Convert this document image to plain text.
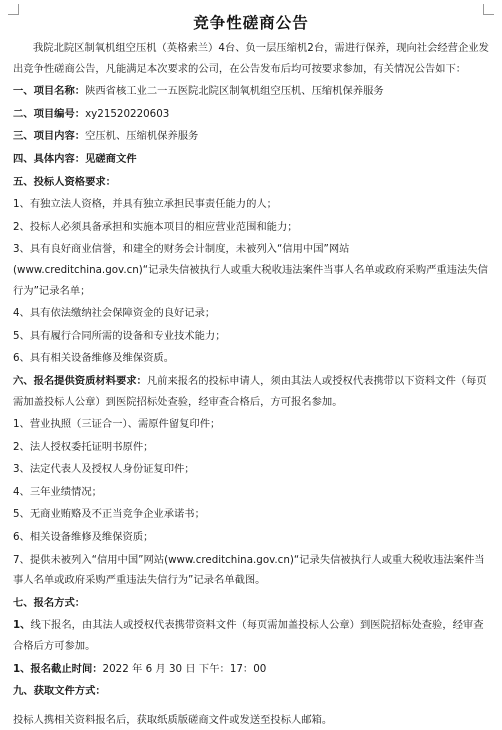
竞争性磋商公告

我院北院区制氧机组空压机（英格索兰）4台、负一层压缩机2台，需进行保养，现向社会经营企业发出竞争性磋商公告，凡能满足本次要求的公司，在公告发布后均可按要求参加，有关情况公告如下：

一、项目名称：陕西省核工业二一五医院北院区制氧机组空压机、压缩机保养服务

二、项目编号：xy21520220603

三、项目内容：空压机、压缩机保养服务

四、具体内容：见磋商文件

五、投标人资格要求：

1、有独立法人资格，并具有独立承担民事责任能力的人；

2、投标人必须具备承担和实施本项目的相应营业范围和能力；

3、具有良好商业信誉，和建全的财务会计制度，未被列入“信用中国”网站(www.creditchina.gov.cn)“记录失信被执行人或重大税收违法案件当事人名单或政府采购严重违法失信行为”记录名单；

4、具有依法缴纳社会保障资金的良好记录；

5、具有履行合同所需的设备和专业技术能力；

6、具有相关设备维修及维保资质。

六、报名提供资质材料要求：凡前来报名的投标申请人，须由其法人或授权代表携带以下资料文件（每页需加盖投标人公章）到医院招标处查验，经审查合格后，方可报名参加。

1、营业执照（三证合一）、需原件留复印件；

2、法人授权委托证明书原件；

3、法定代表人及授权人身份证复印件；

4、三年业绩情况；

5、无商业贿赂及不正当竞争企业承诺书；

6、相关设备维修及维保资质；

7、提供未被列入“信用中国”网站(www.creditchina.gov.cn)“记录失信被执行人或重大税收违法案件当事人名单或政府采购严重违法失信行为”记录名单截图。

七、报名方式：

1、线下报名，由其法人或授权代表携带资料文件（每页需加盖投标人公章）到医院招标处查验，经审查合格后方可参加。

1、报名截止时间：2022 年 6 月 30 日 下午：17：00

九、获取文件方式：

投标人携相关资料报名后，获取纸质版磋商文件或发送至投标人邮箱。
